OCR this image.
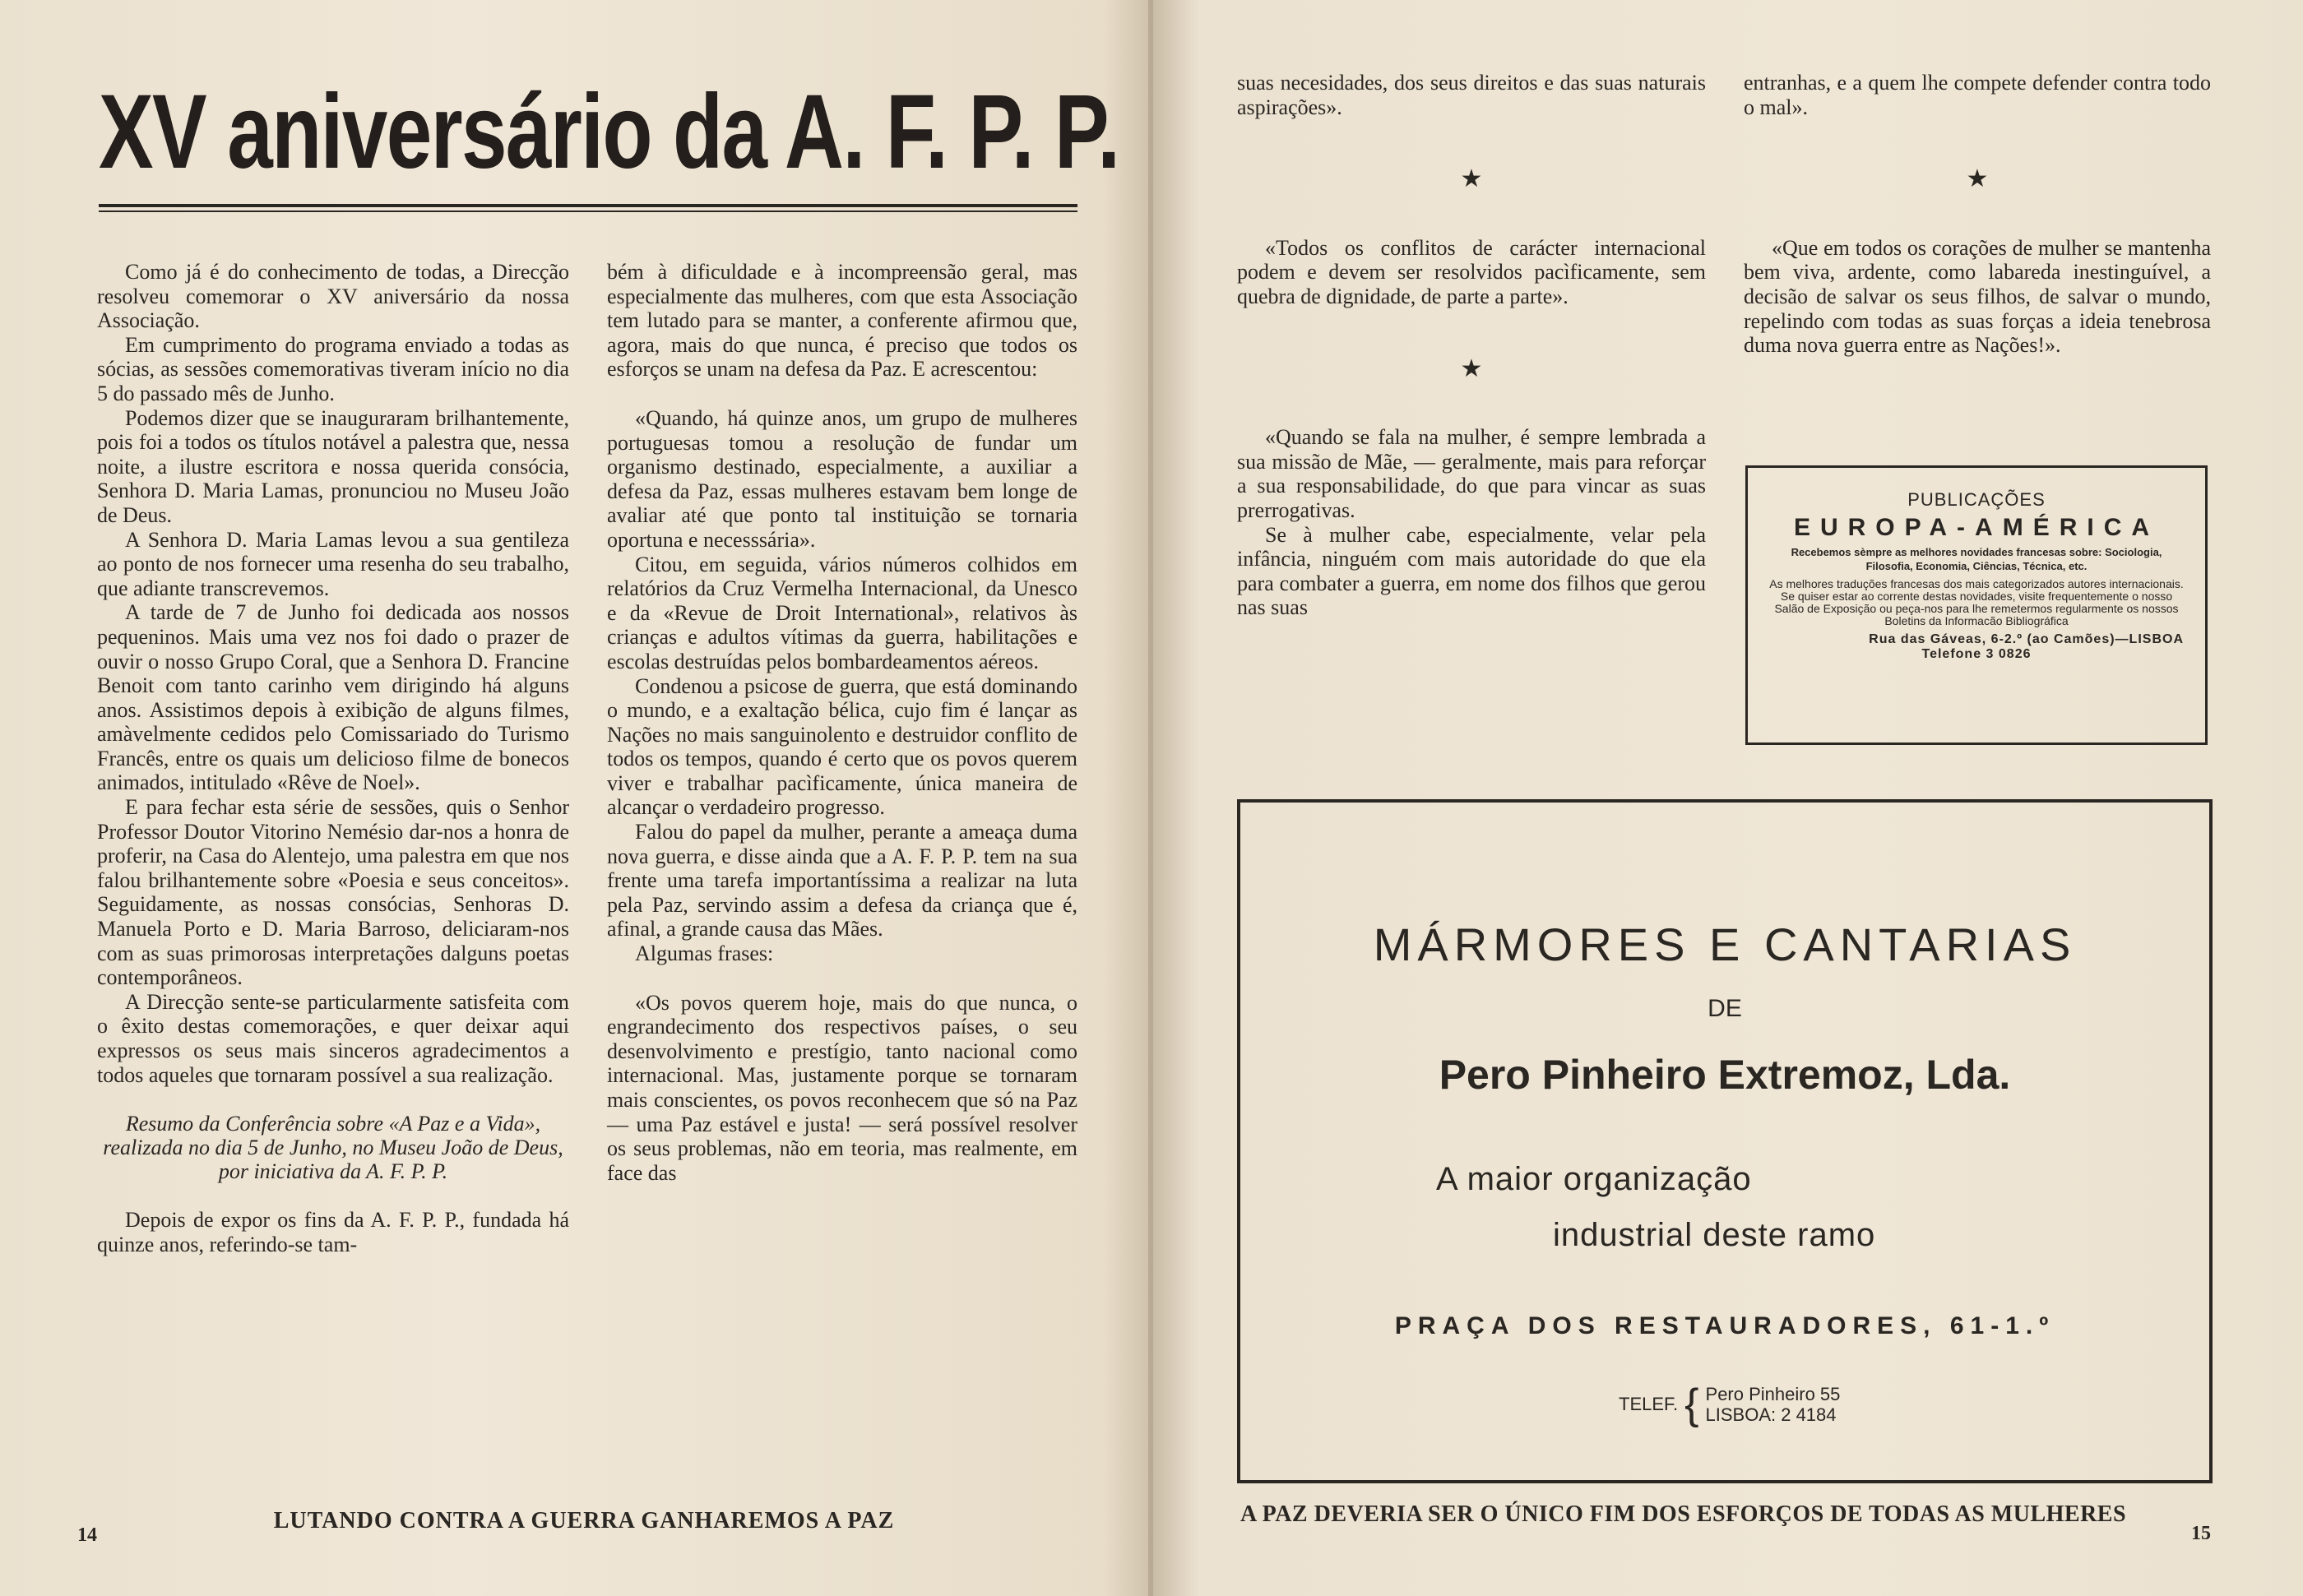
XV aniversário da A. F. P. P.

Como já é do conhecimento de todas, a Direcção resolveu comemorar o XV aniversário da nossa Associação.

Em cumprimento do programa enviado a todas as sócias, as sessões comemorativas tiveram início no dia 5 do passado mês de Junho.

Podemos dizer que se inauguraram brilhantemente, pois foi a todos os títulos notável a palestra que, nessa noite, a ilustre escritora e nossa querida consócia, Senhora D. Maria Lamas, pronunciou no Museu João de Deus.

A Senhora D. Maria Lamas levou a sua gentileza ao ponto de nos fornecer uma resenha do seu trabalho, que adiante transcrevemos.

A tarde de 7 de Junho foi dedicada aos nossos pequeninos. Mais uma vez nos foi dado o prazer de ouvir o nosso Grupo Coral, que a Senhora D. Francine Benoit com tanto carinho vem dirigindo há alguns anos. Assistimos depois à exibição de alguns filmes, amàvelmente cedidos pelo Comissariado do Turismo Francês, entre os quais um delicioso filme de bonecos animados, intitulado «Rêve de Noel».

E para fechar esta série de sessões, quis o Senhor Professor Doutor Vitorino Nemésio dar-nos a honra de proferir, na Casa do Alentejo, uma palestra em que nos falou brilhantemente sobre «Poesia e seus conceitos». Seguidamente, as nossas consócias, Senhoras D. Manuela Porto e D. Maria Barroso, deliciaram-nos com as suas primorosas interpretações dalguns poetas contemporâneos.

A Direcção sente-se particularmente satisfeita com o êxito destas comemorações, e quer deixar aqui expressos os seus mais sinceros agradecimentos a todos aqueles que tornaram possível a sua realização.

Resumo da Conferência sobre «A Paz e a Vida», realizada no dia 5 de Junho, no Museu João de Deus, por iniciativa da A. F. P. P.

Depois de expor os fins da A. F. P. P., fundada há quinze anos, referindo-se tam-

bém à dificuldade e à incompreensão geral, mas especialmente das mulheres, com que esta Associação tem lutado para se manter, a conferente afirmou que, agora, mais do que nunca, é preciso que todos os esforços se unam na defesa da Paz. E acrescentou:

«Quando, há quinze anos, um grupo de mulheres portuguesas tomou a resolução de fundar um organismo destinado, especialmente, a auxiliar a defesa da Paz, essas mulheres estavam bem longe de avaliar até que ponto tal instituição se tornaria oportuna e necesssária».

Citou, em seguida, vários números colhidos em relatórios da Cruz Vermelha Internacional, da Unesco e da «Revue de Droit International», relativos às crianças e adultos vítimas da guerra, habilitações e escolas destruídas pelos bombardeamentos aéreos.

Condenou a psicose de guerra, que está dominando o mundo, e a exaltação bélica, cujo fim é lançar as Nações no mais sanguinolento e destruidor conflito de todos os tempos, quando é certo que os povos querem viver e trabalhar pacìficamente, única maneira de alcançar o verdadeiro progresso.

Falou do papel da mulher, perante a ameaça duma nova guerra, e disse ainda que a A. F. P. P. tem na sua frente uma tarefa importantíssima a realizar na luta pela Paz, servindo assim a defesa da criança que é, afinal, a grande causa das Mães.

Algumas frases:

«Os povos querem hoje, mais do que nunca, o engrandecimento dos respectivos países, o seu desenvolvimento e prestígio, tanto nacional como internacional. Mas, justamente porque se tornaram mais conscientes, os povos reconhecem que só na Paz — uma Paz estável e justa! — será possível resolver os seus problemas, não em teoria, mas realmente, em face das

LUTANDO CONTRA A GUERRA GANHAREMOS A PAZ
14

suas necesidades, dos seus direitos e das suas naturais aspirações».

★

«Todos os conflitos de carácter internacional podem e devem ser resolvidos pacìficamente, sem quebra de dignidade, de parte a parte».

★

«Quando se fala na mulher, é sempre lembrada a sua missão de Mãe, — geralmente, mais para reforçar a sua responsabilidade, do que para vincar as suas prerrogativas.

Se à mulher cabe, especialmente, velar pela infância, ninguém com mais autoridade do que ela para combater a guerra, em nome dos filhos que gerou nas suas

entranhas, e a quem lhe compete defender contra todo o mal».

★

«Que em todos os corações de mulher se mantenha bem viva, ardente, como labareda inestinguível, a decisão de salvar os seus filhos, de salvar o mundo, repelindo com todas as suas forças a ideia tenebrosa duma nova guerra entre as Nações!».

PUBLICAÇÕES
EUROPA-AMÉRICA
Recebemos sèmpre as melhores novidades francesas sobre: Sociologia, Filosofia, Economia, Ciências, Técnica, etc.
As melhores traduções francesas dos mais categorizados autores internacionais. Se quiser estar ao corrente destas novidades, visite frequentemente o nosso Salão de Exposição ou peça-nos para lhe remetermos regularmente os nossos Boletins da Informacão Bibliográfica
Rua das Gáveas, 6-2.º (ao Camões)—LISBOA
Telefone 3 0826
MÁRMORES E CANTARIAS
DE
Pero Pinheiro Extremoz, Lda.
A maior organização
industrial deste ramo
PRAÇA DOS RESTAURADORES, 61-1.º
TELEF. { Pero Pinheiro 55
LISBOA: 2 4184
A PAZ DEVERIA SER O ÚNICO FIM DOS ESFORÇOS DE TODAS AS MULHERES
15
